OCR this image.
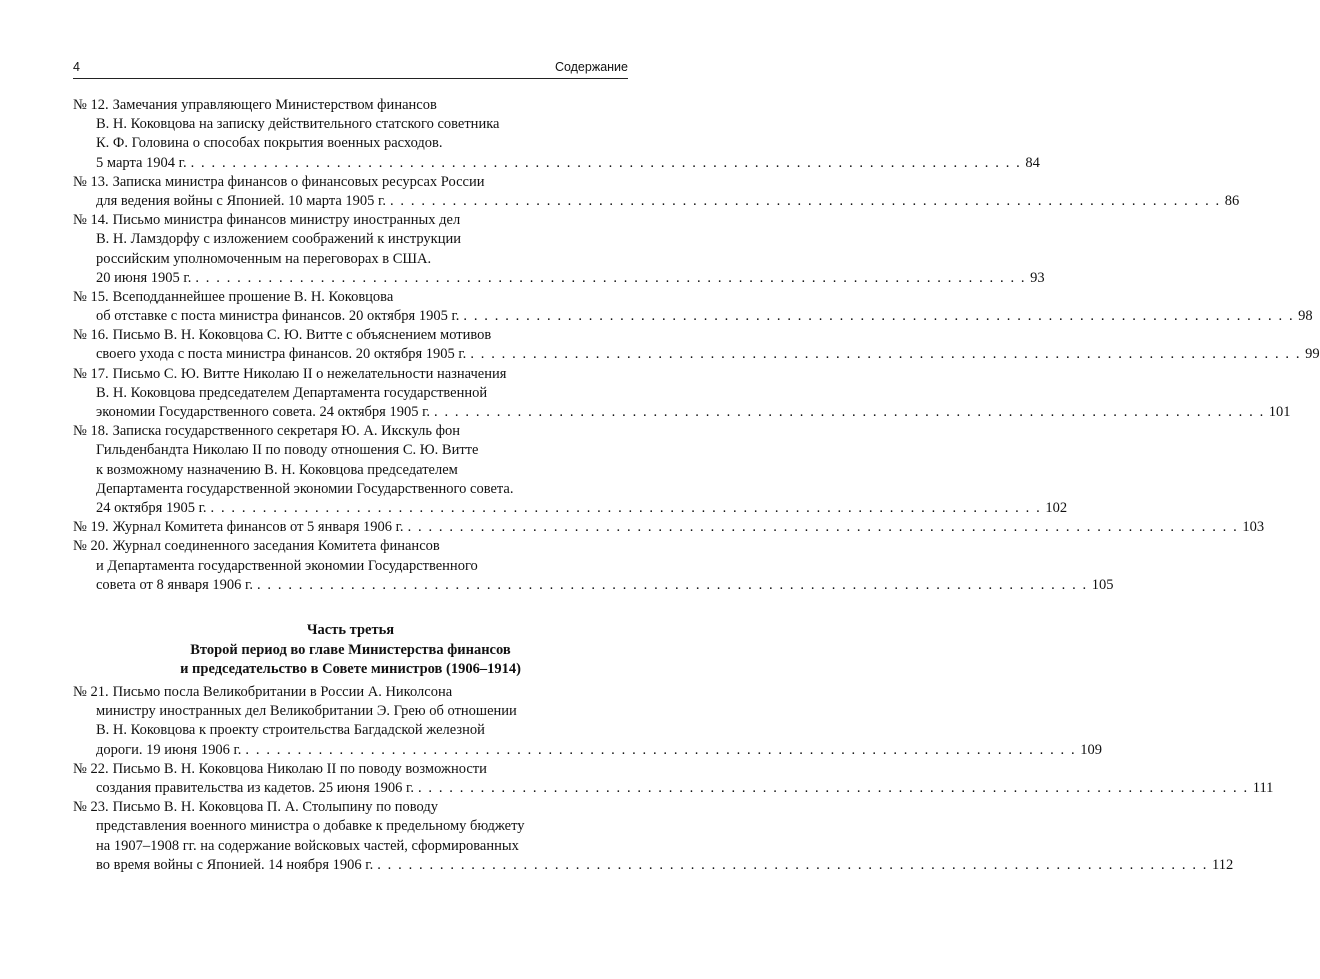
4	Содержание
№ 12. Замечания управляющего Министерством финансов
В. Н. Коковцова на записку действительного статского советника
К. Ф. Головина о способах покрытия военных расходов.
5 марта 1904 г. . . . . . . . . . . . . . . . . . . . . . . . . . . . . . . . . . . . . . . . . . . . . . . . . . . . . . . . . . . . . . . . . . . . . . . . . . . . . . . . . 84
№ 13. Записка министра финансов о финансовых ресурсах России
для ведения войны с Японией. 10 марта 1905 г. . . . . . . . . . . . . . . . . . . . . . . . . . . . . . . . . . . . . . . . . . . . . . . . . . . . . . . . . . . . . . . . . . . . . . . . . . . . . . . . . 86
№ 14. Письмо министра финансов министру иностранных дел
В. Н. Ламздорфу с изложением соображений к инструкции
российским уполномоченным на переговорах в США.
20 июня 1905 г. . . . . . . . . . . . . . . . . . . . . . . . . . . . . . . . . . . . . . . . . . . . . . . . . . . . . . . . . . . . . . . . . . . . . . . . . . . . . . . . . 93
№ 15. Всеподданнейшее прошение В. Н. Коковцова
об отставке с поста министра финансов. 20 октября 1905 г. . . . . . . . . . . . . . . . . . . . . . . . . . . . . . . . . . . . . . . . . . . . . . . . . . . . . . . . . . . . . . . . . . . . . . . . . . . . . . . . . 98
№ 16. Письмо В. Н. Коковцова С. Ю. Витте с объяснением мотивов
своего ухода с поста министра финансов. 20 октября 1905 г. . . . . . . . . . . . . . . . . . . . . . . . . . . . . . . . . . . . . . . . . . . . . . . . . . . . . . . . . . . . . . . . . . . . . . . . . . . . . . . . . 99
№ 17. Письмо С. Ю. Витте Николаю II о нежелательности назначения
В. Н. Коковцова председателем Департамента государственной
экономии Государственного совета. 24 октября 1905 г. . . . . . . . . . . . . . . . . . . . . . . . . . . . . . . . . . . . . . . . . . . . . . . . . . . . . . . . . . . . . . . . . . . . . . . . . . . . . . . . . 101
№ 18. Записка государственного секретаря Ю. А. Икскуль фон
Гильденбандта Николаю II по поводу отношения С. Ю. Витте
к возможному назначению В. Н. Коковцова председателем
Департамента государственной экономии Государственного совета.
24 октября 1905 г. . . . . . . . . . . . . . . . . . . . . . . . . . . . . . . . . . . . . . . . . . . . . . . . . . . . . . . . . . . . . . . . . . . . . . . . . . . . . . . . . 102
№ 19. Журнал Комитета финансов от 5 января 1906 г. . . . . . . . . . . . . . . . . . . . . . . . . . . . . . . . . . . . . . . . . . . . . . . . . . . . . . . . . . . . . . . . . . . . . . . . . . . . . . . . . 103
№ 20. Журнал соединенного заседания Комитета финансов
и Департамента государственной экономии Государственного
совета от 8 января 1906 г. . . . . . . . . . . . . . . . . . . . . . . . . . . . . . . . . . . . . . . . . . . . . . . . . . . . . . . . . . . . . . . . . . . . . . . . . . . . . . . . . 105
Часть третья
Второй период во главе Министерства финансов
и председательство в Совете министров (1906–1914)
№ 21. Письмо посла Великобритании в России А. Николсона
министру иностранных дел Великобритании Э. Грею об отношении
В. Н. Коковцова к проекту строительства Багдадской железной
дороги. 19 июня 1906 г. . . . . . . . . . . . . . . . . . . . . . . . . . . . . . . . . . . . . . . . . . . . . . . . . . . . . . . . . . . . . . . . . . . . . . . . . . . . . . . . . 109
№ 22. Письмо В. Н. Коковцова Николаю II по поводу возможности
создания правительства из кадетов. 25 июня 1906 г. . . . . . . . . . . . . . . . . . . . . . . . . . . . . . . . . . . . . . . . . . . . . . . . . . . . . . . . . . . . . . . . . . . . . . . . . . . . . . . . . 111
№ 23. Письмо В. Н. Коковцова П. А. Столыпину по поводу
представления военного министра о добавке к предельному бюджету
на 1907–1908 гг. на содержание войсковых частей, сформированных
во время войны с Японией. 14 ноября 1906 г. . . . . . . . . . . . . . . . . . . . . . . . . . . . . . . . . . . . . . . . . . . . . . . . . . . . . . . . . . . . . . . . . . . . . . . . . . . . . . . . . 112
